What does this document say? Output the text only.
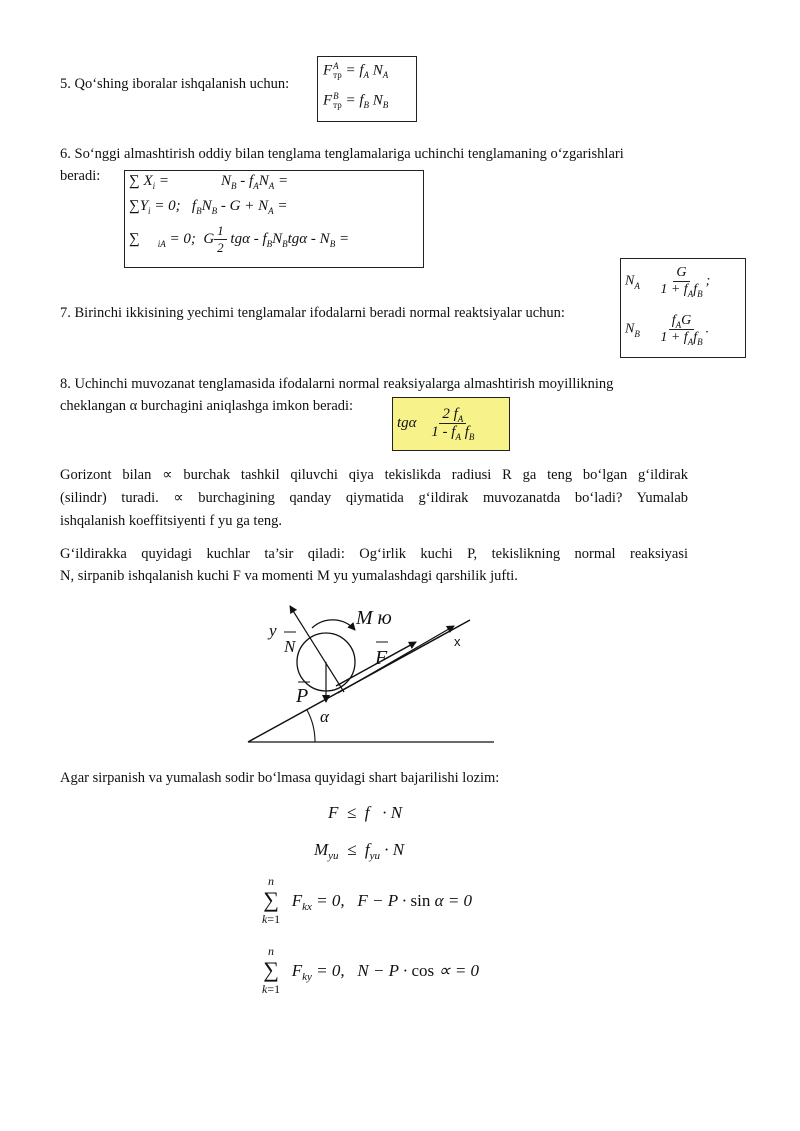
5. Qo‘shing iboralar ishqalanish uchun:
F A
тр = $f_A$ $N_A$
F B
тр = $f_B$ $N_B$
6. So‘nggi almashtirish oddiy bilan tenglama tenglamalariga uchinchi tenglamaning o‘zgarishlari
beradi: ∑ $X_i$ =	$N_B - f_AN_A$ =
$\sum Y_i = 0$;   $f_BN_B - G + N_A$ =
∑ $_{iA}$ = 0;  G $\frac{1}{2}$ tgα - $f_BN_Btg\alpha - N_B$ =
7. Birinchi ikkisining yechimi tenglamalar ifodalarni beradi normal reaktsiyalar uchun:
$N_A \frac{G}{1 + f_Af_B}$ ;
$N_B \frac{f_AG}{1 + f_Af_B}$ .
8. Uchinchi muvozanat tenglamasida ifodalarni normal reaksiyalarga almashtirish moyillikning
cheklangan α burchagini aniqlashga imkon beradi:
tgα $\frac{2 f_A}{1 - f_A f_B}$
Gorizont bilan ∝ burchak tashkil qiluvchi qiya tekislikda radiusi R ga teng bo‘lgan g‘ildirak
(silindr) turadi. ∝ burchagining qanday qiymatida g‘ildirak muvozanatda bo‘ladi? Yumalab
ishqalanish koeffitsiyenti f yu ga teng.
G‘ildirakka quyidagi kuchlar ta’sir qiladi: Og‘irlik kuchi P, tekislikning normal reaksiyasi
N, sirpanib ishqalanish kuchi F va momenti M yu yumalashdagi qarshilik jufti.
y
N
M ю
F
x
P
α
Agar sirpanish va yumalash sodir bo‘lmasa quyidagi shart bajarilishi lozim:
F  ≤  f   · N
$M_{yu} \le f_{yu} \cdot N$
n
∑
k=1
$F_{kx} = 0$,   F − P · sin α = 0
n
∑
k=1
$F_{ky} = 0$,   N − P · cos ∝ = 0
